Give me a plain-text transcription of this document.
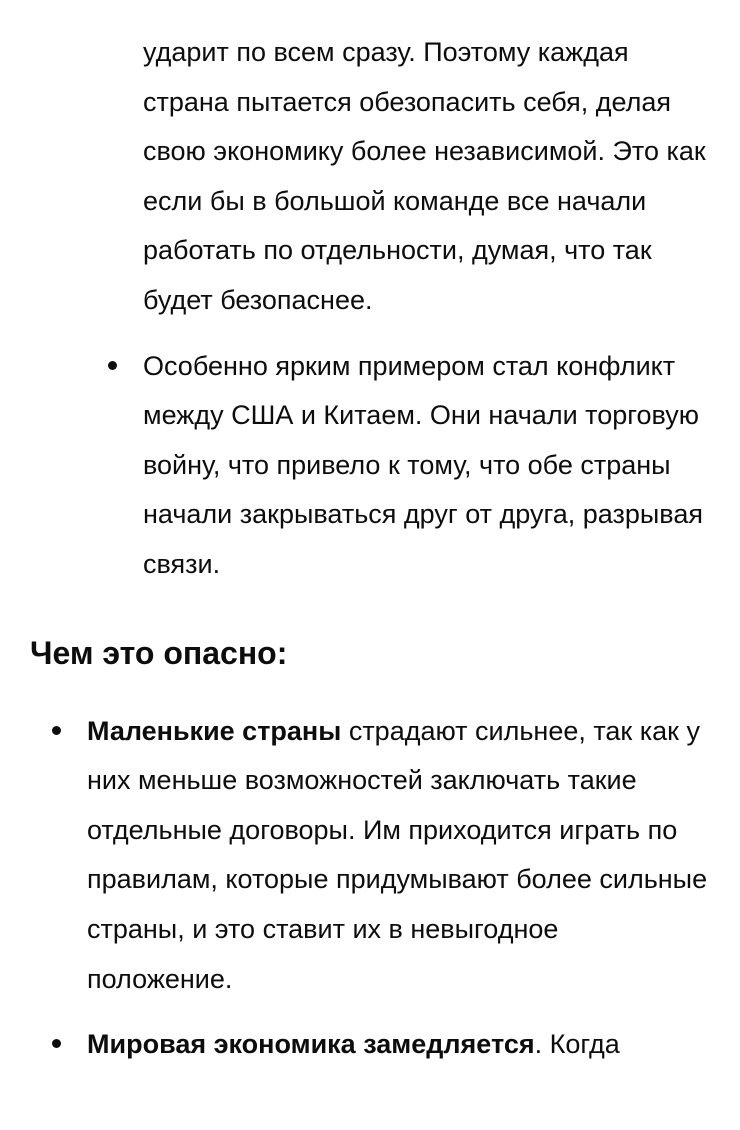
ударит по всем сразу. Поэтому каждая страна пытается обезопасить себя, делая свою экономику более независимой. Это как если бы в большой команде все начали работать по отдельности, думая, что так будет безопаснее.
Особенно ярким примером стал конфликт между США и Китаем. Они начали торговую войну, что привело к тому, что обе страны начали закрываться друг от друга, разрывая связи.
Чем это опасно:
Маленькие страны страдают сильнее, так как у них меньше возможностей заключать такие отдельные договоры. Им приходится играть по правилам, которые придумывают более сильные страны, и это ставит их в невыгодное положение.
Мировая экономика замедляется. Когда
